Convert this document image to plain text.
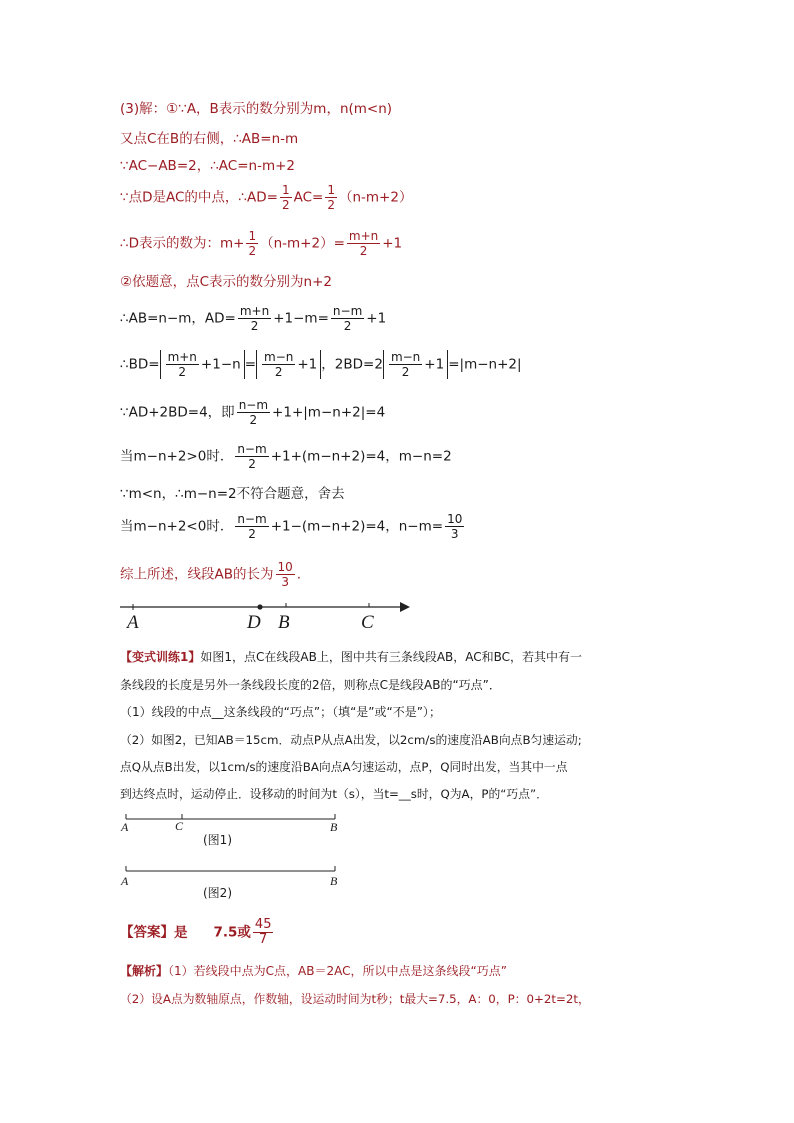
(3)解：①∵A，B表示的数分别为m，n(m<n)
又点C在B的右侧，∴AB=n-m
∵AC−AB=2，∴AC=n-m+2
∵点D是AC的中点，∴AD= $\frac{1}{2} AC= \frac{1}{2} (n-m+2)$
∴D表示的数为：$m+ \frac{1}{2} (n-m+2)= \frac{m+n}{2} +1$
②依题意，点C表示的数分别为n+2
∴AB=n−m，$AD= \frac{m+n}{2} +1-m= \frac{n-m}{2} +1$
∴BD= $\frac{m+n}{2} +1-n = \frac{m-n}{2} +1$ ，$2BD=2 \frac{m-n}{2} +1 =|m-n+2|$
∵AD+2BD=4，即 $\frac{n-m}{2} +1+|m-n+2|=4$
当m−n+2>0时． $\frac{n-m}{2} +1+(m-n+2)=4$，m−n=2
∵m<n，∴m−n=2不符合题意，舍去
当m−n+2<0时． $\frac{n-m}{2} +1-(m-n+2)=4$，$n-m= \frac{10}{3}$
综上所述，线段AB的长为 $\frac{10}{3}$ .
A	D B	C
【变式训练1】如图1，点C在线段AB上，图中共有三条线段AB，AC和BC，若其中有一
条线段的长度是另外一条线段长度的2倍，则称点C是线段AB的“巧点”．
（1）线段的中点__这条线段的“巧点”；（填“是”或“不是”）；
（2）如图2，已知AB＝15cm．动点P从点A出发，以2cm/s的速度沿AB向点B匀速运动;
点Q从点B出发，以1cm/s的速度沿BA向点A匀速运动，点P，Q同时出发，当其中一点
到达终点时，运动停止．设移动的时间为t（s），当t=__s时，Q为A，P的“巧点”．
A	C	B
(图1)
A	B
(图2)
【答案】是 7.5或 $\frac{45}{7}$
【解析】（1）若线段中点为C点，AB＝2AC，所以中点是这条线段“巧点”
（2）设A点为数轴原点，作数轴，设运动时间为t秒；t最大=7.5，A：0，P：0+2t=2t，
